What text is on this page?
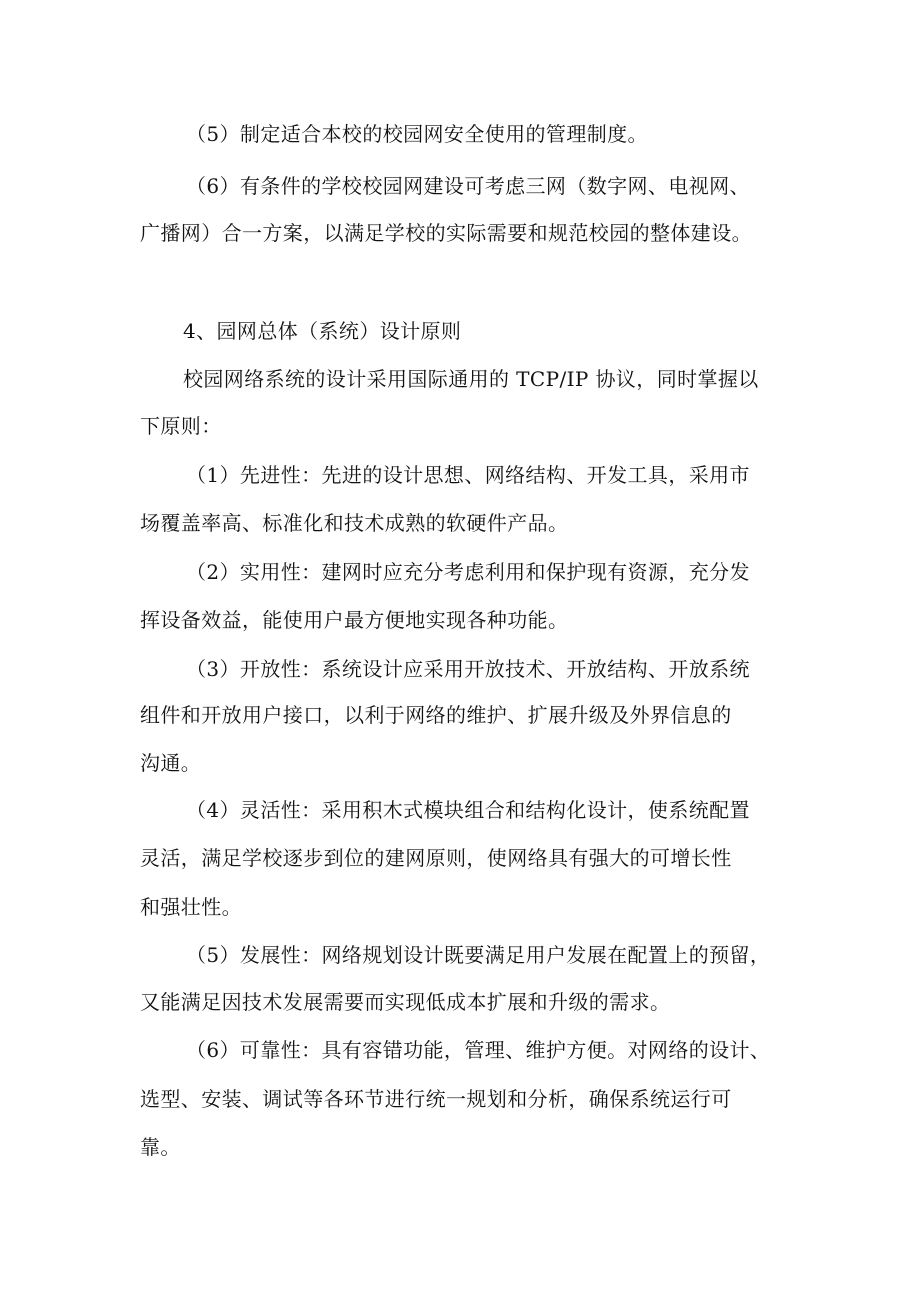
（5）制定适合本校的校园网安全使用的管理制度。
（6）有条件的学校校园网建设可考虑三网（数字网、电视网、
广播网）合一方案，以满足学校的实际需要和规范校园的整体建设。
4、园网总体（系统）设计原则
校园网络系统的设计采用国际通用的 TCP/IP 协议，同时掌握以
下原则：
（1）先进性：先进的设计思想、网络结构、开发工具，采用市
场覆盖率高、标准化和技术成熟的软硬件产品。
（2）实用性：建网时应充分考虑利用和保护现有资源，充分发
挥设备效益，能使用户最方便地实现各种功能。
（3）开放性：系统设计应采用开放技术、开放结构、开放系统
组件和开放用户接口，以利于网络的维护、扩展升级及外界信息的
沟通。
（4）灵活性：采用积木式模块组合和结构化设计，使系统配置
灵活，满足学校逐步到位的建网原则，使网络具有强大的可增长性
和强壮性。
（5）发展性：网络规划设计既要满足用户发展在配置上的预留，
又能满足因技术发展需要而实现低成本扩展和升级的需求。
（6）可靠性：具有容错功能，管理、维护方便。对网络的设计、
选型、安装、调试等各环节进行统一规划和分析，确保系统运行可
靠。
